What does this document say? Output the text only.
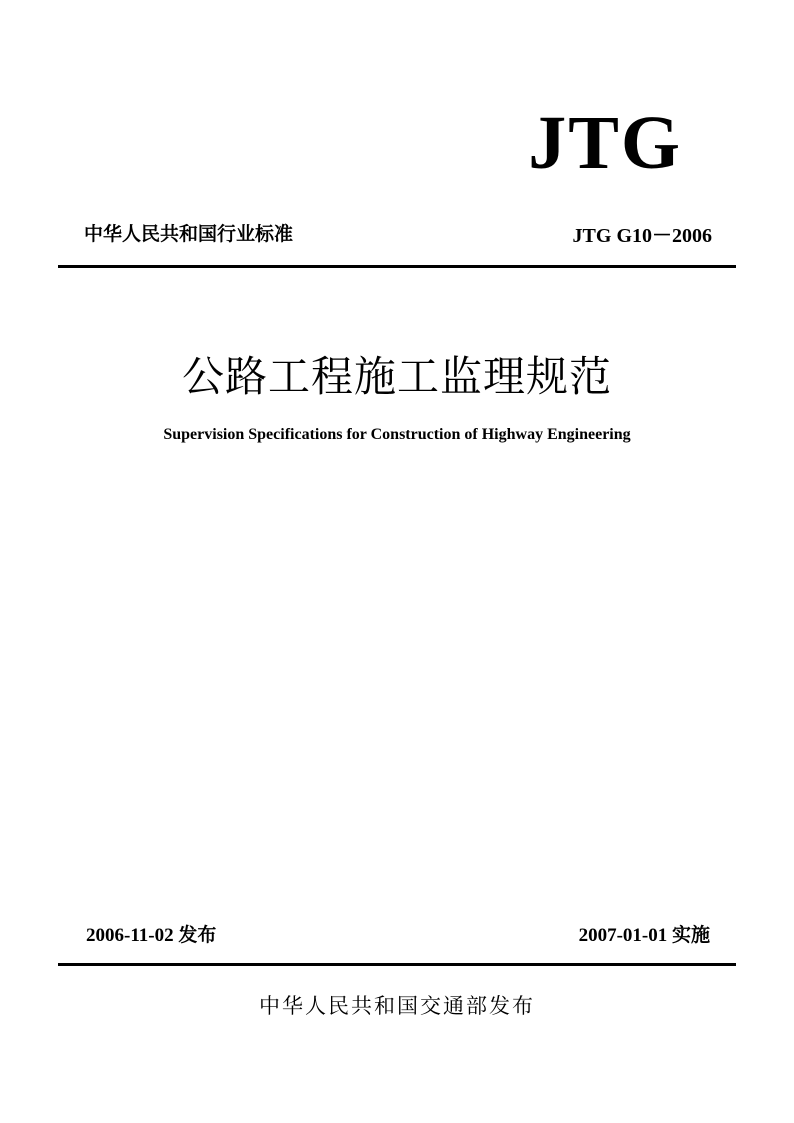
JTG
中华人民共和国行业标准	JTG G10－2006
公路工程施工监理规范
Supervision Specifications for Construction of Highway Engineering
2006-11-02 发布	2007-01-01 实施
中华人民共和国交通部发布
